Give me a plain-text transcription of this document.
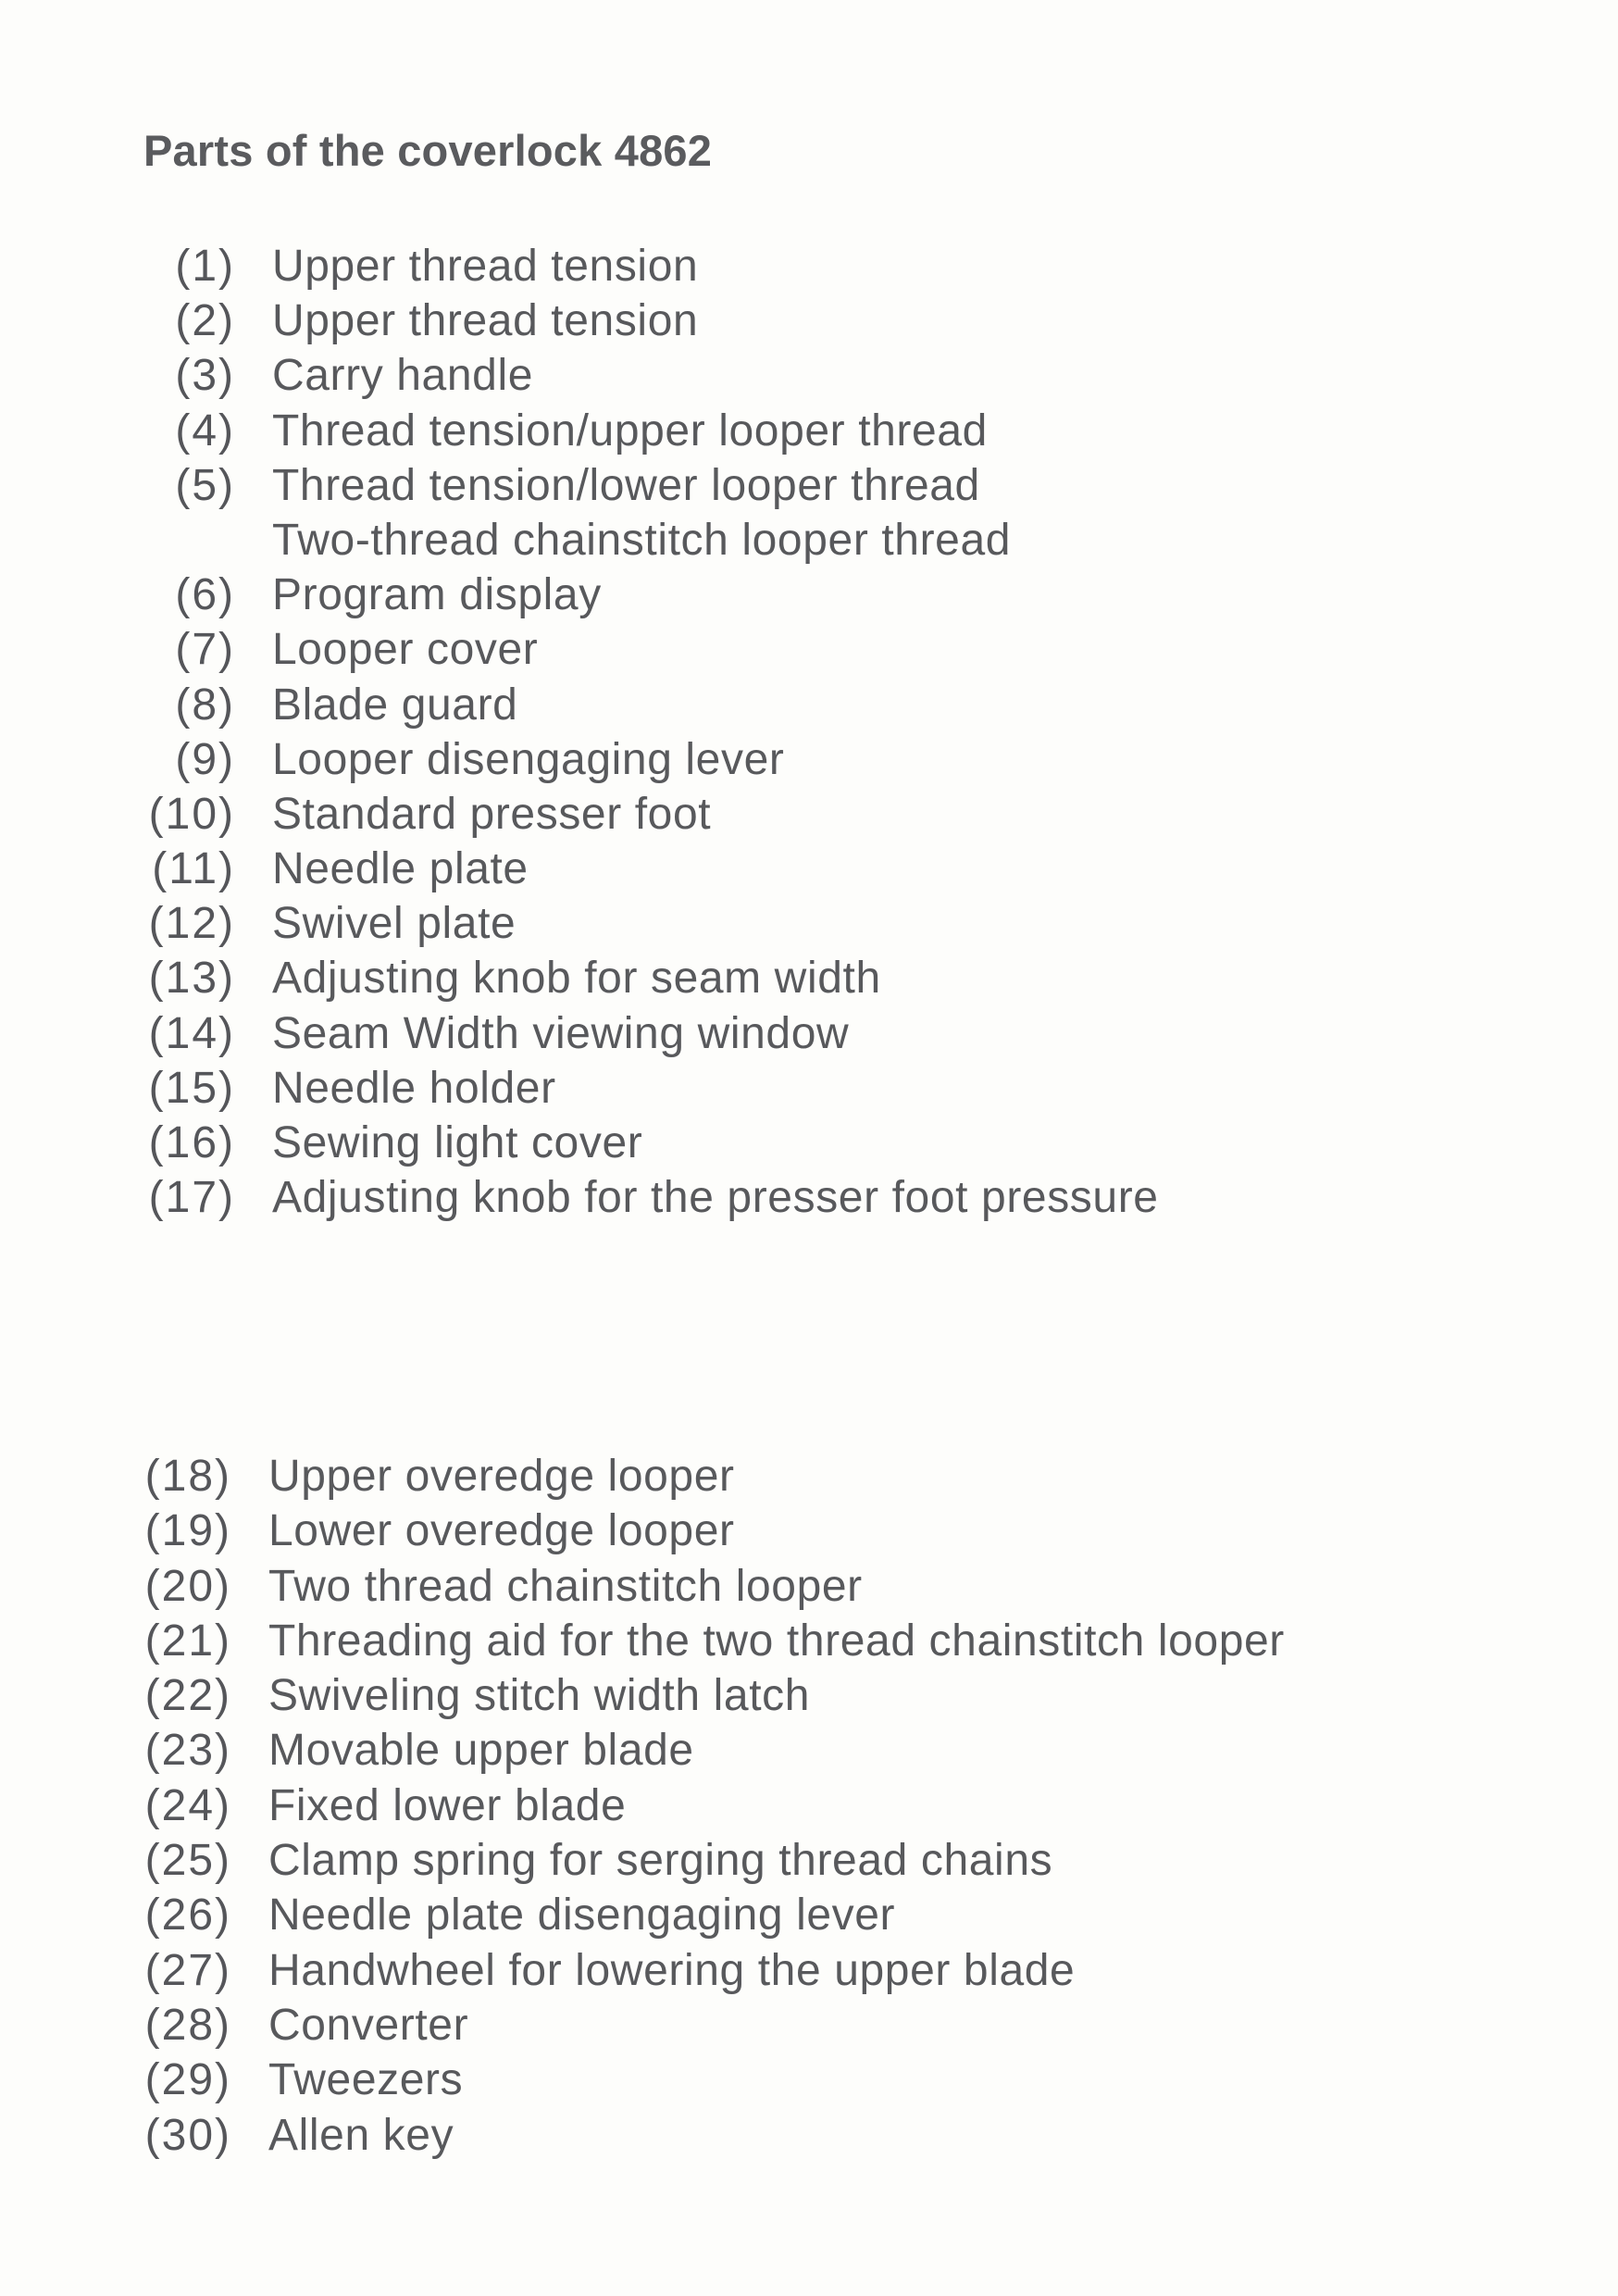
Parts of the coverlock 4862
(1) Upper thread tension
(2) Upper thread tension
(3) Carry handle
(4) Thread tension/upper looper thread
(5) Thread tension/lower looper thread
Two-thread chainstitch looper thread
(6) Program display
(7) Looper cover
(8) Blade guard
(9) Looper disengaging lever
(10) Standard presser foot
(11) Needle plate
(12) Swivel plate
(13) Adjusting knob for seam width
(14) Seam Width viewing window
(15) Needle holder
(16) Sewing light cover
(17) Adjusting knob for the presser foot pressure
(18) Upper overedge looper
(19) Lower overedge looper
(20) Two thread chainstitch looper
(21) Threading aid for the two thread chainstitch looper
(22) Swiveling stitch width latch
(23) Movable upper blade
(24) Fixed lower blade
(25) Clamp spring for serging thread chains
(26) Needle plate disengaging lever
(27) Handwheel for lowering the upper blade
(28) Converter
(29) Tweezers
(30) Allen key
